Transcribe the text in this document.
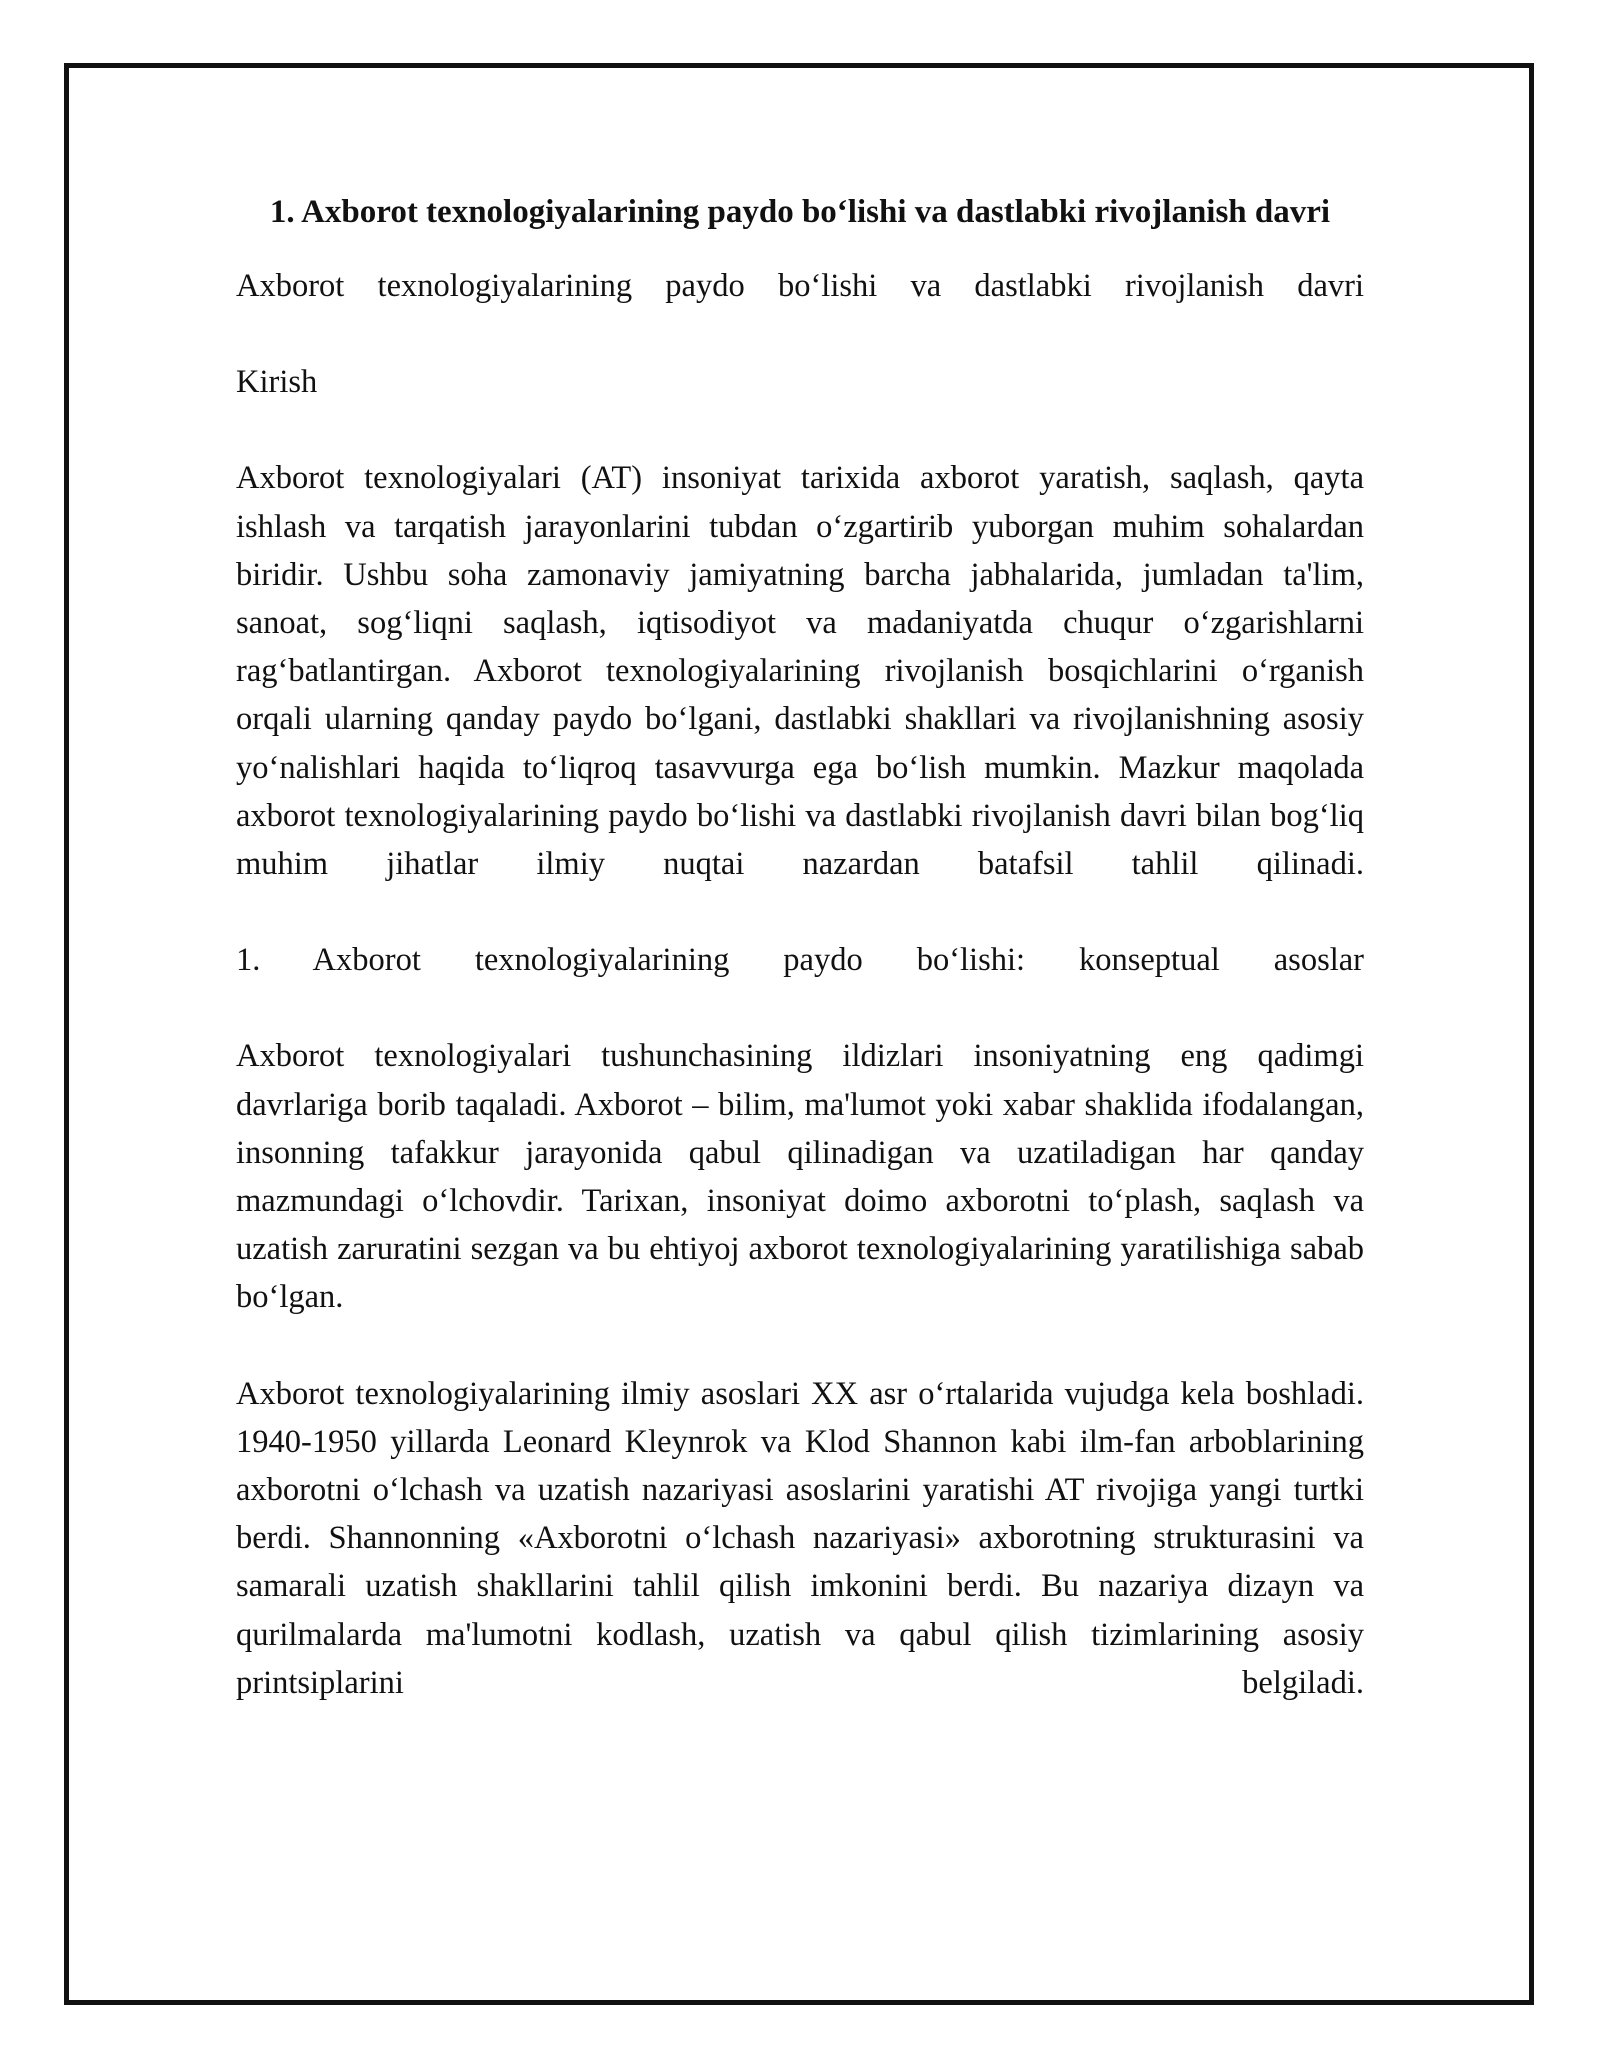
1. Axborot texnologiyalarining paydo bo‘lishi va dastlabki rivojlanish davri

Axborot texnologiyalarining paydo bo‘lishi va dastlabki rivojlanish davri

Kirish

Axborot texnologiyalari (AT) insoniyat tarixida axborot yaratish, saqlash, qayta ishlash va tarqatish jarayonlarini tubdan o‘zgartirib yuborgan muhim sohalardan biridir. Ushbu soha zamonaviy jamiyatning barcha jabhalarida, jumladan ta'lim, sanoat, sog‘liqni saqlash, iqtisodiyot va madaniyatda chuqur o‘zgarishlarni rag‘batlantirgan. Axborot texnologiyalarining rivojlanish bosqichlarini o‘rganish orqali ularning qanday paydo bo‘lgani, dastlabki shakllari va rivojlanishning asosiy yo‘nalishlari haqida to‘liqroq tasavvurga ega bo‘lish mumkin. Mazkur maqolada axborot texnologiyalarining paydo bo‘lishi va dastlabki rivojlanish davri bilan bog‘liq muhim jihatlar ilmiy nuqtai nazardan batafsil tahlil qilinadi.

1. Axborot texnologiyalarining paydo bo‘lishi: konseptual asoslar

Axborot texnologiyalari tushunchasining ildizlari insoniyatning eng qadimgi davrlariga borib taqaladi. Axborot – bilim, ma'lumot yoki xabar shaklida ifodalangan, insonning tafakkur jarayonida qabul qilinadigan va uzatiladigan har qanday mazmundagi o‘lchovdir. Tarixan, insoniyat doimo axborotni to‘plash, saqlash va uzatish zaruratini sezgan va bu ehtiyoj axborot texnologiyalarining yaratilishiga sabab bo‘lgan.

Axborot texnologiyalarining ilmiy asoslari XX asr o‘rtalarida vujudga kela boshladi. 1940-1950 yillarda Leonard Kleynrok va Klod Shannon kabi ilm-fan arboblarining axborotni o‘lchash va uzatish nazariyasi asoslarini yaratishi AT rivojiga yangi turtki berdi. Shannonning «Axborotni o‘lchash nazariyasi» axborotning strukturasini va samarali uzatish shakllarini tahlil qilish imkonini berdi. Bu nazariya dizayn va qurilmalarda ma'lumotni kodlash, uzatish va qabul qilish tizimlarining asosiy printsiplarini belgiladi.
